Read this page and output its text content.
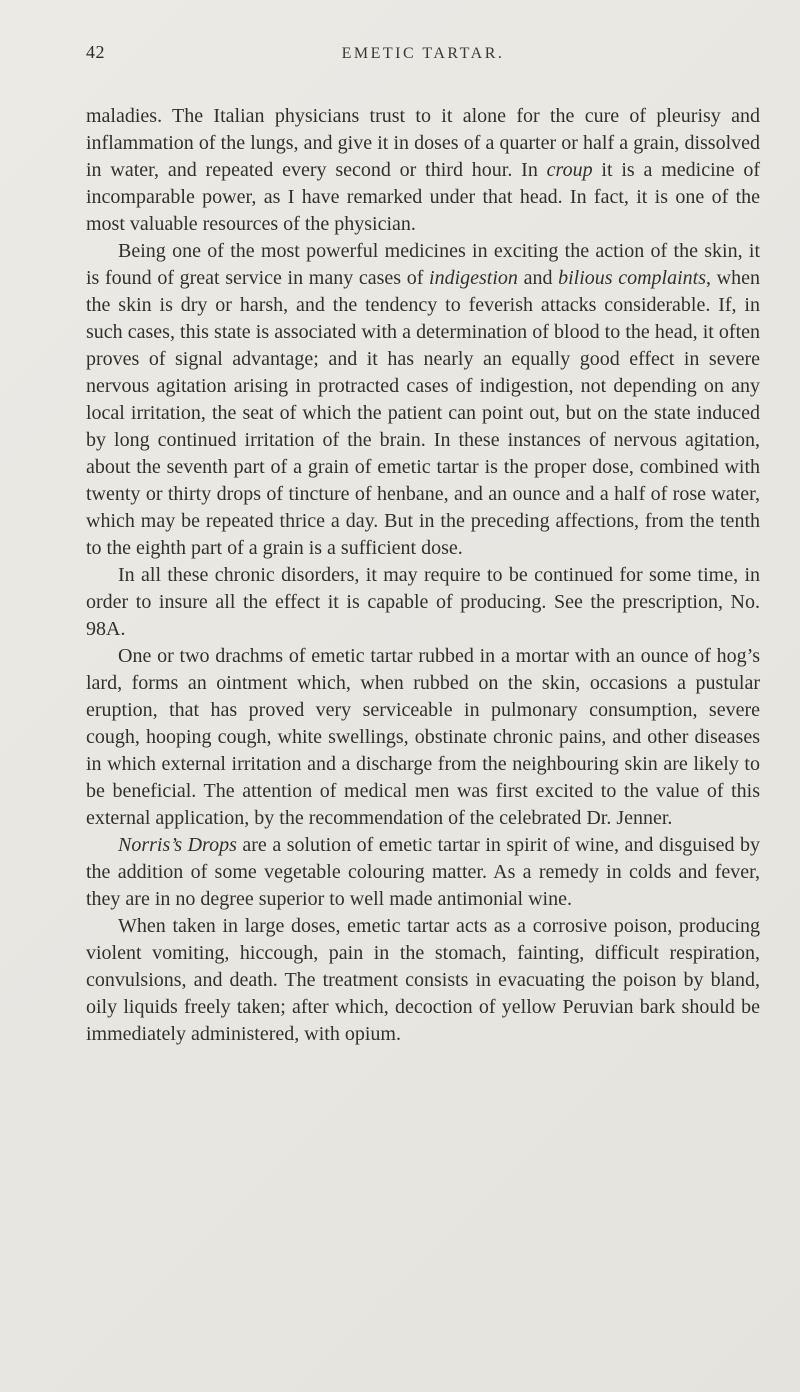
42	EMETIC TARTAR.

maladies. The Italian physicians trust to it alone for the cure of pleurisy and inflammation of the lungs, and give it in doses of a quarter or half a grain, dissolved in water, and repeated every second or third hour. In croup it is a medicine of incomparable power, as I have remarked under that head. In fact, it is one of the most valuable resources of the physician.

Being one of the most powerful medicines in exciting the action of the skin, it is found of great service in many cases of indigestion and bilious complaints, when the skin is dry or harsh, and the tendency to feverish attacks considerable. If, in such cases, this state is associated with a determination of blood to the head, it often proves of signal advantage; and it has nearly an equally good effect in severe nervous agitation arising in protracted cases of indigestion, not depending on any local irritation, the seat of which the patient can point out, but on the state induced by long continued irritation of the brain. In these instances of nervous agitation, about the seventh part of a grain of emetic tartar is the proper dose, combined with twenty or thirty drops of tincture of henbane, and an ounce and a half of rose water, which may be repeated thrice a day. But in the preceding affections, from the tenth to the eighth part of a grain is a sufficient dose.

In all these chronic disorders, it may require to be continued for some time, in order to insure all the effect it is capable of producing. See the prescription, No. 98A.

One or two drachms of emetic tartar rubbed in a mortar with an ounce of hog’s lard, forms an ointment which, when rubbed on the skin, occasions a pustular eruption, that has proved very serviceable in pulmonary consumption, severe cough, hooping cough, white swellings, obstinate chronic pains, and other diseases in which external irritation and a discharge from the neighbouring skin are likely to be beneficial. The attention of medical men was first excited to the value of this external application, by the recommendation of the celebrated Dr. Jenner.

Norris’s Drops are a solution of emetic tartar in spirit of wine, and disguised by the addition of some vegetable colouring matter. As a remedy in colds and fever, they are in no degree superior to well made antimonial wine.

When taken in large doses, emetic tartar acts as a corrosive poison, producing violent vomiting, hiccough, pain in the stomach, fainting, difficult respiration, convulsions, and death. The treatment consists in evacuating the poison by bland, oily liquids freely taken; after which, decoction of yellow Peruvian bark should be immediately administered, with opium.
